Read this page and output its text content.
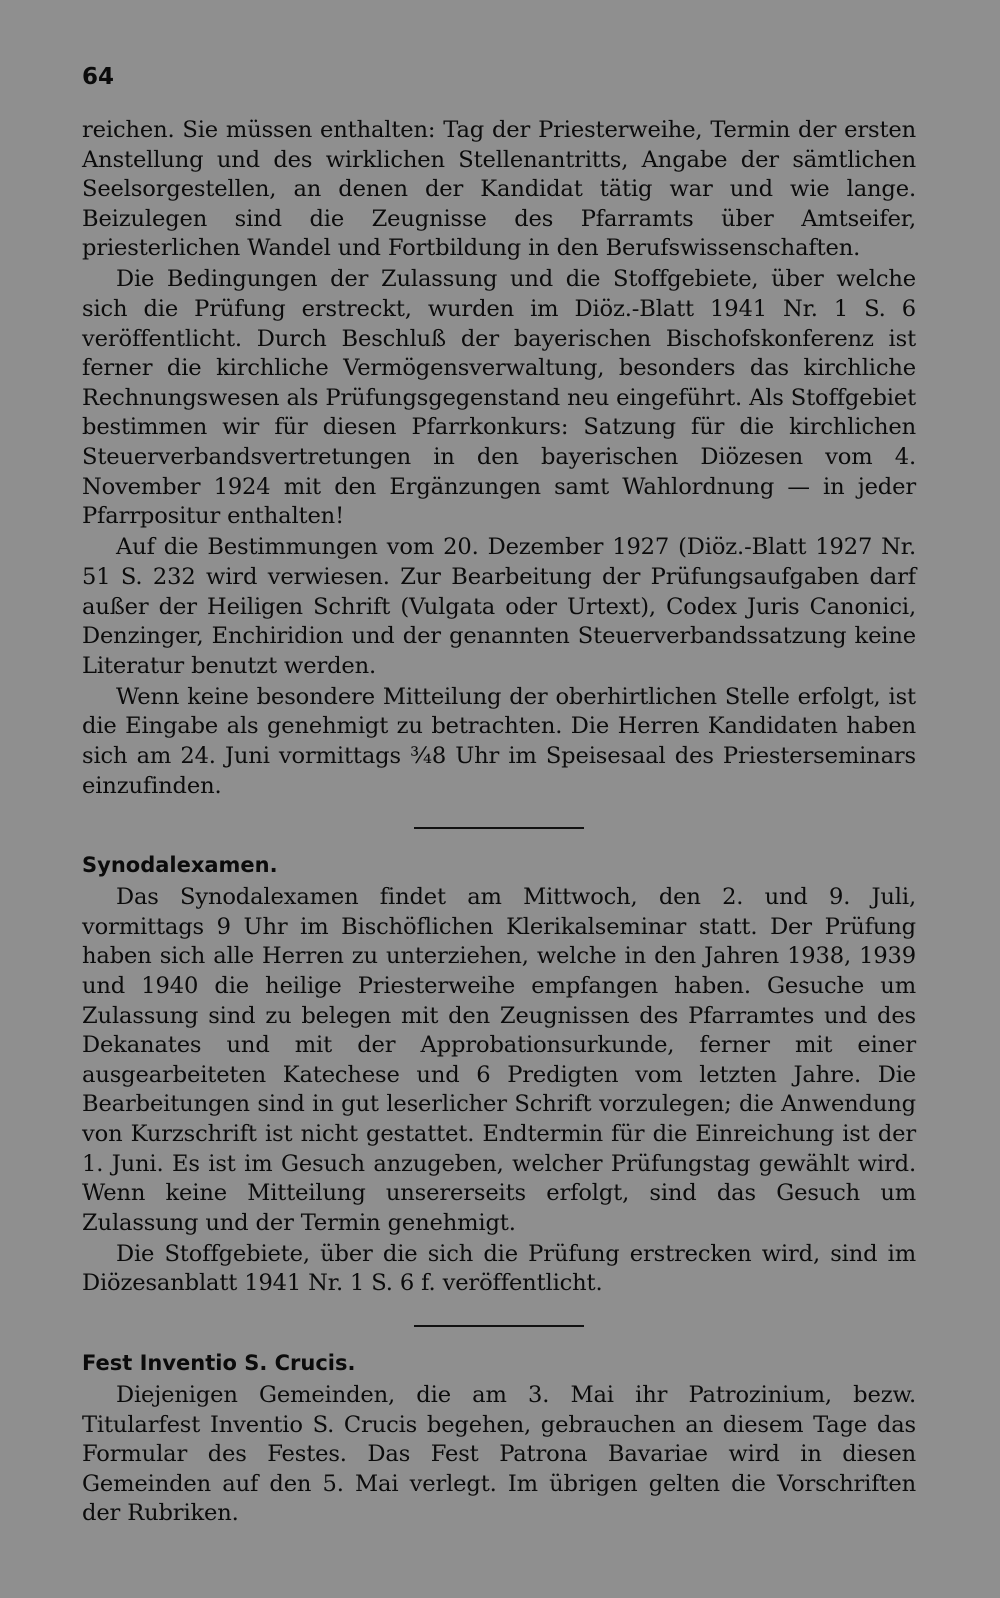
64

reichen. Sie müssen enthalten: Tag der Priesterweihe, Termin der ersten Anstellung und des wirklichen Stellenantritts, Angabe der sämtlichen Seelsorgestellen, an denen der Kandidat tätig war und wie lange. Beizulegen sind die Zeugnisse des Pfarramts über Amtseifer, priesterlichen Wandel und Fortbildung in den Berufswissenschaften.

Die Bedingungen der Zulassung und die Stoffgebiete, über welche sich die Prüfung erstreckt, wurden im Diöz.-Blatt 1941 Nr. 1 S. 6 veröffentlicht. Durch Beschluß der bayerischen Bischofskonferenz ist ferner die kirchliche Vermögensverwaltung, besonders das kirchliche Rechnungswesen als Prüfungsgegenstand neu eingeführt. Als Stoffgebiet bestimmen wir für diesen Pfarrkonkurs: Satzung für die kirchlichen Steuerverbandsvertretungen in den bayerischen Diözesen vom 4. November 1924 mit den Ergänzungen samt Wahlordnung — in jeder Pfarrpositur enthalten!

Auf die Bestimmungen vom 20. Dezember 1927 (Diöz.-Blatt 1927 Nr. 51 S. 232 wird verwiesen. Zur Bearbeitung der Prüfungsaufgaben darf außer der Heiligen Schrift (Vulgata oder Urtext), Codex Juris Canonici, Denzinger, Enchiridion und der genannten Steuerverbandssatzung keine Literatur benutzt werden.

Wenn keine besondere Mitteilung der oberhirtlichen Stelle erfolgt, ist die Eingabe als genehmigt zu betrachten. Die Herren Kandidaten haben sich am 24. Juni vormittags ¾8 Uhr im Speisesaal des Priesterseminars einzufinden.

Synodalexamen.

Das Synodalexamen findet am Mittwoch, den 2. und 9. Juli, vormittags 9 Uhr im Bischöflichen Klerikalseminar statt. Der Prüfung haben sich alle Herren zu unterziehen, welche in den Jahren 1938, 1939 und 1940 die heilige Priesterweihe empfangen haben. Gesuche um Zulassung sind zu belegen mit den Zeugnissen des Pfarramtes und des Dekanates und mit der Approbationsurkunde, ferner mit einer ausgearbeiteten Katechese und 6 Predigten vom letzten Jahre. Die Bearbeitungen sind in gut leserlicher Schrift vorzulegen; die Anwendung von Kurzschrift ist nicht gestattet. Endtermin für die Einreichung ist der 1. Juni. Es ist im Gesuch anzugeben, welcher Prüfungstag gewählt wird. Wenn keine Mitteilung unsererseits erfolgt, sind das Gesuch um Zulassung und der Termin genehmigt.

Die Stoffgebiete, über die sich die Prüfung erstrecken wird, sind im Diözesanblatt 1941 Nr. 1 S. 6 f. veröffentlicht.

Fest Inventio S. Crucis.

Diejenigen Gemeinden, die am 3. Mai ihr Patrozinium, bezw. Titularfest Inventio S. Crucis begehen, gebrauchen an diesem Tage das Formular des Festes. Das Fest Patrona Bavariae wird in diesen Gemeinden auf den 5. Mai verlegt. Im übrigen gelten die Vorschriften der Rubriken.
